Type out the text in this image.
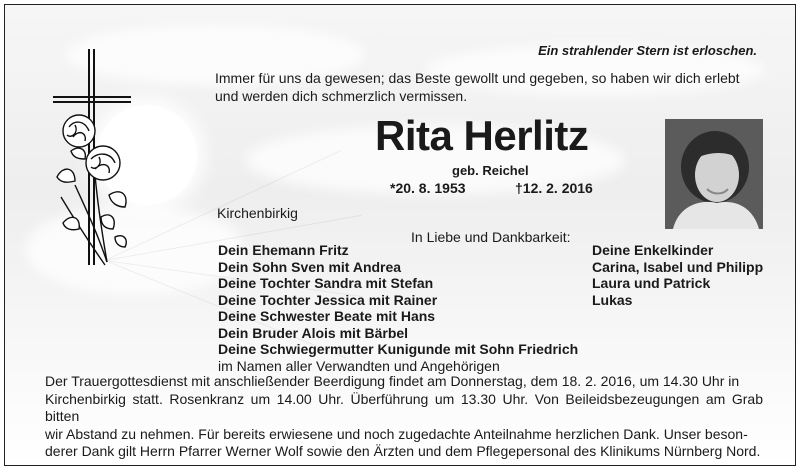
Ein strahlender Stern ist erloschen.
Immer für uns da gewesen; das Beste gewollt und gegeben, so haben wir dich erlebt
und werden dich schmerzlich vermissen.
Rita Herlitz
geb. Reichel
*20. 8. 1953	†12. 2. 2016
Kirchenbirkig
In Liebe und Dankbarkeit:
Dein Ehemann Fritz
Dein Sohn Sven mit Andrea
Deine Tochter Sandra mit Stefan
Deine Tochter Jessica mit Rainer
Deine Schwester Beate mit Hans
Dein Bruder Alois mit Bärbel
Deine Schwiegermutter Kunigunde mit Sohn Friedrich
im Namen aller Verwandten und Angehörigen
Deine Enkelkinder
Carina, Isabel und Philipp
Laura und Patrick
Lukas
Der Trauergottesdienst mit anschließender Beerdigung findet am Donnerstag, dem 18. 2. 2016, um 14.30 Uhr in
Kirchenbirkig statt. Rosenkranz um 14.00 Uhr. Überführung um 13.30 Uhr. Von Beileidsbezeugungen am Grab bitten
wir Abstand zu nehmen. Für bereits erwiesene und noch zugedachte Anteilnahme herzlichen Dank. Unser beson-
derer Dank gilt Herrn Pfarrer Werner Wolf sowie den Ärzten und dem Pflegepersonal des Klinikums Nürnberg Nord.
